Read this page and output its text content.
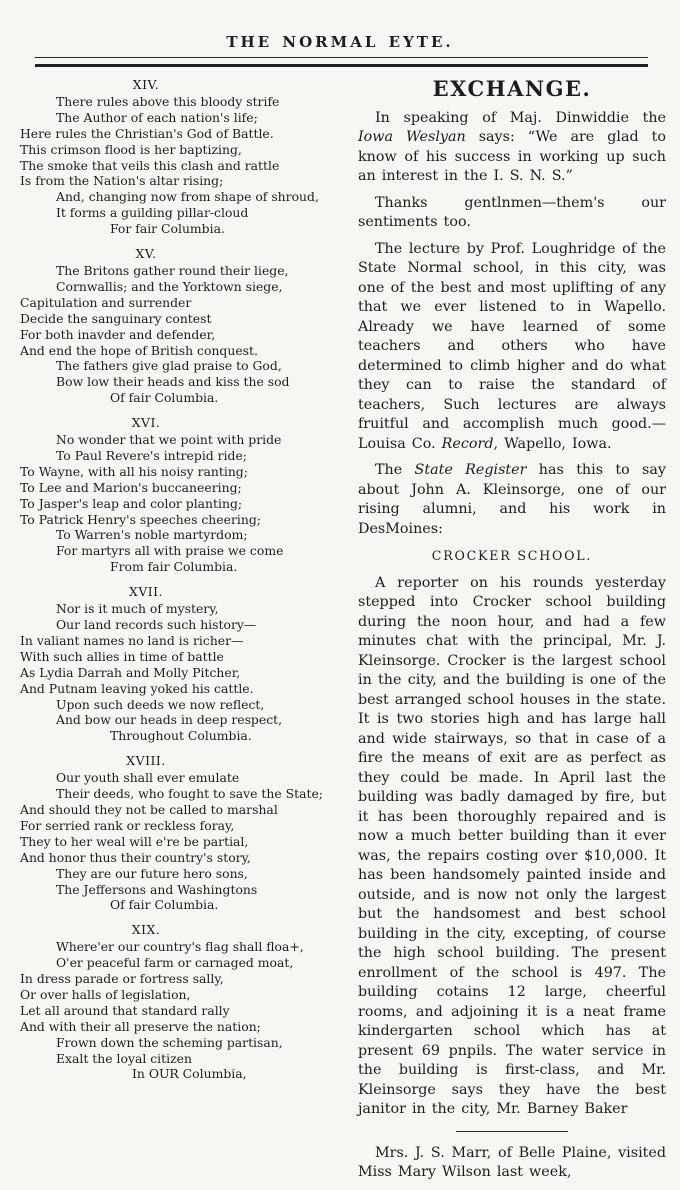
THE NORMAL EYTE.
XIV.
There rules above this bloody strife
The Author of each nation's life;
Here rules the Christian's God of Battle.
This crimson flood is her baptizing,
The smoke that veils this clash and rattle
Is from the Nation's altar rising;
And, changing now from shape of shroud,
It forms a guilding pillar-cloud
For fair Columbia.
XV.
The Britons gather round their liege,
Cornwallis; and the Yorktown siege,
Capitulation and surrender
Decide the sanguinary contest
For both inavder and defender,
And end the hope of British conquest.
The fathers give glad praise to God,
Bow low their heads and kiss the sod
Of fair Columbia.
XVI.
No wonder that we point with pride
To Paul Revere's intrepid ride;
To Wayne, with all his noisy ranting;
To Lee and Marion's buccaneering;
To Jasper's leap and color planting;
To Patrick Henry's speeches cheering;
To Warren's noble martyrdom;
For martyrs all with praise we come
From fair Columbia.
XVII.
Nor is it much of mystery,
Our land records such history—
In valiant names no land is richer—
With such allies in time of battle
As Lydia Darrah and Molly Pitcher,
And Putnam leaving yoked his cattle.
Upon such deeds we now reflect,
And bow our heads in deep respect,
Throughout Columbia.
XVIII.
Our youth shall ever emulate
Their deeds, who fought to save the State;
And should they not be called to marshal
For serried rank or reckless foray,
They to her weal will e're be partial,
And honor thus their country's story,
They are our future hero sons,
The Jeffersons and Washingtons
Of fair Columbia.
XIX.
Where'er our country's flag shall floa+,
O'er peaceful farm or carnaged moat,
In dress parade or fortress sally,
Or over halls of legislation,
Let all around that standard rally
And with their all preserve the nation;
Frown down the scheming partisan,
Exalt the loyal citizen
In OUR Columbia,
EXCHANGE.

In speaking of Maj. Dinwiddie the Iowa Weslyan says: “We are glad to know of his success in working up such an interest in the I. S. N. S.”

Thanks gentlnmen—them's our sentiments too.

The lecture by Prof. Loughridge of the State Normal school, in this city, was one of the best and most uplifting of any that we ever listened to in Wapello. Already we have learned of some teachers and others who have determined to climb higher and do what they can to raise the standard of teachers, Such lectures are always fruitful and accomplish much good.—Louisa Co. Record, Wapello, Iowa.

The State Register has this to say about John A. Kleinsorge, one of our rising alumni, and his work in DesMoines:

CROCKER SCHOOL.

A reporter on his rounds yesterday stepped into Crocker school building during the noon hour, and had a few minutes chat with the principal, Mr. J. Kleinsorge. Crocker is the largest school in the city, and the building is one of the best arranged school houses in the state. It is two stories high and has large hall and wide stairways, so that in case of a fire the means of exit are as perfect as they could be made. In April last the building was badly damaged by fire, but it has been thoroughly repaired and is now a much better building than it ever was, the repairs costing over $10,000. It has been handsomely painted inside and outside, and is now not only the largest but the handsomest and best school building in the city, excepting, of course the high school building. The present enrollment of the school is 497. The building cotains 12 large, cheerful rooms, and adjoining it is a neat frame kindergarten school which has at present 69 pnpils. The water service in the building is first-class, and Mr. Kleinsorge says they have the best janitor in the city, Mr. Barney Baker

Mrs. J. S. Marr, of Belle Plaine, visited Miss Mary Wilson last week,
